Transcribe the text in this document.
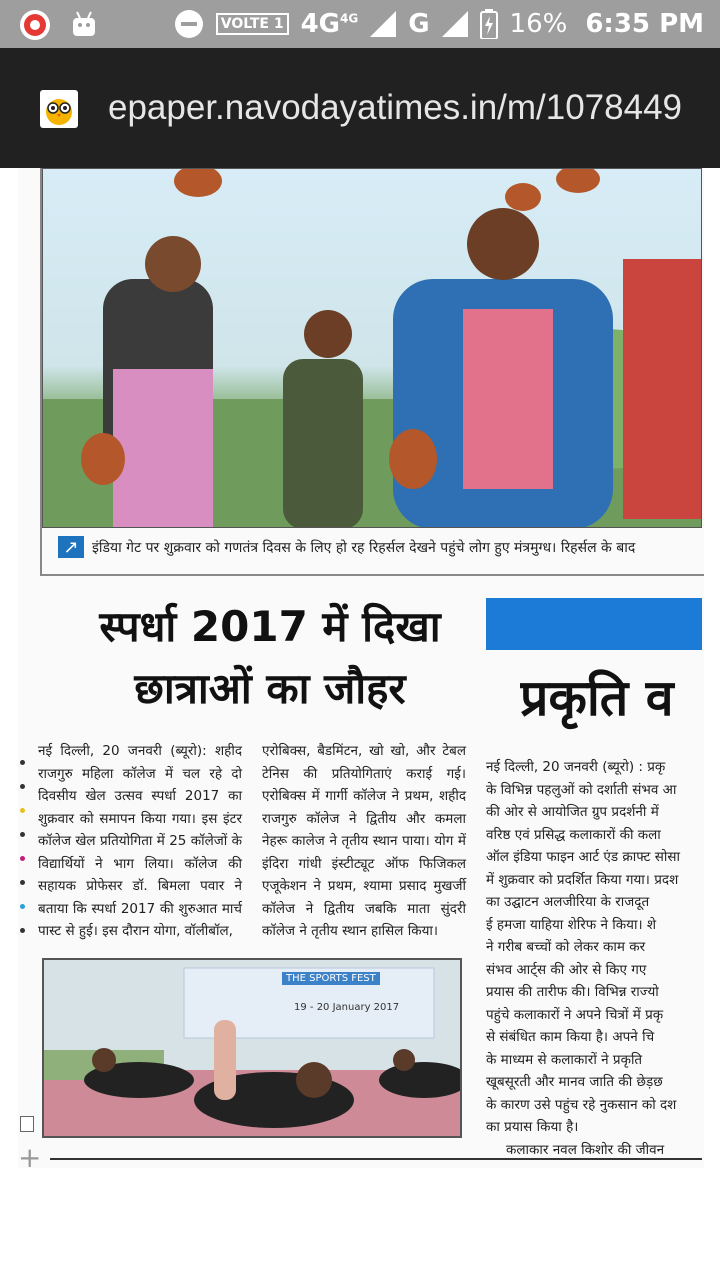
VOLTE 1 $4G^{4G}$ G	16% 6:35 PM
epaper.navodayatimes.in/m/1078449
↗ इंडिया गेट पर शुक्रवार को गणतंत्र दिवस के लिए हो रह रिहर्सल देखने पहुंचे लोग हुए मंत्रमुग्ध। रिहर्सल के बाद
स्पर्धा 2017 में दिखा
छात्राओं का जौहर	प्रकृति व
नई दिल्ली, 20 जनवरी (ब्यूरो): शहीद राजगुरु महिला कॉलेज में चल रहे दो दिवसीय खेल उत्सव स्पर्धा 2017 का शुक्रवार को समापन किया गया। इस इंटर कॉलेज खेल प्रतियोगिता में 25 कॉलेजों के विद्यार्थियों ने भाग लिया। कॉलेज की सहायक प्रोफेसर डॉ. बिमला पवार ने बताया कि स्पर्धा 2017 की शुरुआत मार्च पास्ट से हुई। इस दौरान योगा, वॉलीबॉल,
एरोबिक्स, बैडमिंटन, खो खो, और टेबल टेनिस की प्रतियोगिताएं कराई गई। एरोबिक्स में गार्गी कॉलेज ने प्रथम, शहीद राजगुरु कॉलेज ने द्वितीय और कमला नेहरू कालेज ने तृतीय स्थान पाया। योग में इंदिरा गांधी इंस्टीट्यूट ऑफ फिजिकल एजूकेशन ने प्रथम, श्यामा प्रसाद मुखर्जी कॉलेज ने द्वितीय जबकि माता सुंदरी कॉलेज ने तृतीय स्थान हासिल किया।
नई दिल्ली, 20 जनवरी (ब्यूरो) : प्रकृ
के विभिन्न पहलुओं को दर्शाती संभव आ
की ओर से आयोजित ग्रुप प्रदर्शनी में
वरिष्ठ एवं प्रसिद्ध कलाकारों की कला
ऑल इंडिया फाइन आर्ट एंड क्राफ्ट सोसा
में शुक्रवार को प्रदर्शित किया गया। प्रदश
का उद्घाटन अलजीरिया के राजदूत
ई हमजा याहिया शेरिफ ने किया। शे
ने गरीब बच्चों को लेकर काम कर
संभव आर्ट्स की ओर से किए गए
प्रयास की तारीफ की। विभिन्न राज्यो
पहुंचे कलाकारों ने अपने चित्रों में प्रकृ
से संबंधित काम किया है। अपने चि
के माध्यम से कलाकारों ने प्रकृति
खूबसूरती और मानव जाति की छेड़छ
के कारण उसे पहुंच रहे नुकसान को दश
का प्रयास किया है।
कलाकार नवल किशोर की जीवन
THE SPORTS FEST
19 - 20 January 2017
+
